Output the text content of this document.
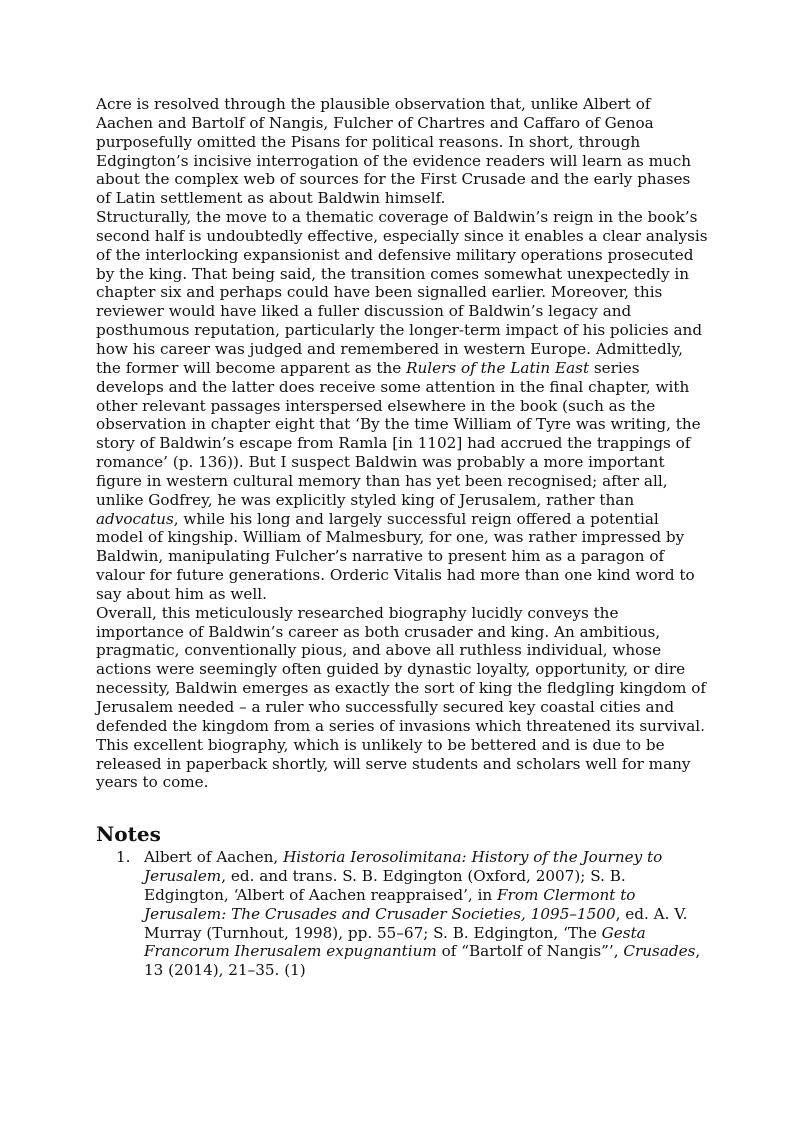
Acre is resolved through the plausible observation that, unlike Albert of Aachen and Bartolf of Nangis, Fulcher of Chartres and Caffaro of Genoa purposefully omitted the Pisans for political reasons. In short, through Edgington’s incisive interrogation of the evidence readers will learn as much about the complex web of sources for the First Crusade and the early phases of Latin settlement as about Baldwin himself.

Structurally, the move to a thematic coverage of Baldwin’s reign in the book’s second half is undoubtedly effective, especially since it enables a clear analysis of the interlocking expansionist and defensive military operations prosecuted by the king. That being said, the transition comes somewhat unexpectedly in chapter six and perhaps could have been signalled earlier. Moreover, this reviewer would have liked a fuller discussion of Baldwin’s legacy and posthumous reputation, particularly the longer-term impact of his policies and how his career was judged and remembered in western Europe. Admittedly, the former will become apparent as the Rulers of the Latin East series develops and the latter does receive some attention in the final chapter, with other relevant passages interspersed elsewhere in the book (such as the observation in chapter eight that ‘By the time William of Tyre was writing, the story of Baldwin’s escape from Ramla [in 1102] had accrued the trappings of romance’ (p. 136)). But I suspect Baldwin was probably a more important figure in western cultural memory than has yet been recognised; after all, unlike Godfrey, he was explicitly styled king of Jerusalem, rather than advocatus, while his long and largely successful reign offered a potential model of kingship. William of Malmesbury, for one, was rather impressed by Baldwin, manipulating Fulcher’s narrative to present him as a paragon of valour for future generations. Orderic Vitalis had more than one kind word to say about him as well.

Overall, this meticulously researched biography lucidly conveys the importance of Baldwin’s career as both crusader and king. An ambitious, pragmatic, conventionally pious, and above all ruthless individual, whose actions were seemingly often guided by dynastic loyalty, opportunity, or dire necessity, Baldwin emerges as exactly the sort of king the fledgling kingdom of Jerusalem needed – a ruler who successfully secured key coastal cities and defended the kingdom from a series of invasions which threatened its survival. This excellent biography, which is unlikely to be bettered and is due to be released in paperback shortly, will serve students and scholars well for many years to come.

Notes
1. Albert of Aachen, Historia Ierosolimitana: History of the Journey to Jerusalem, ed. and trans. S. B. Edgington (Oxford, 2007); S. B. Edgington, ‘Albert of Aachen reappraised’, in From Clermont to Jerusalem: The Crusades and Crusader Societies, 1095–1500, ed. A. V. Murray (Turnhout, 1998), pp. 55–67; S. B. Edgington, ‘The Gesta Francorum Iherusalem expugnantium of “Bartolf of Nangis”’, Crusades, 13 (2014), 21–35. (1)
